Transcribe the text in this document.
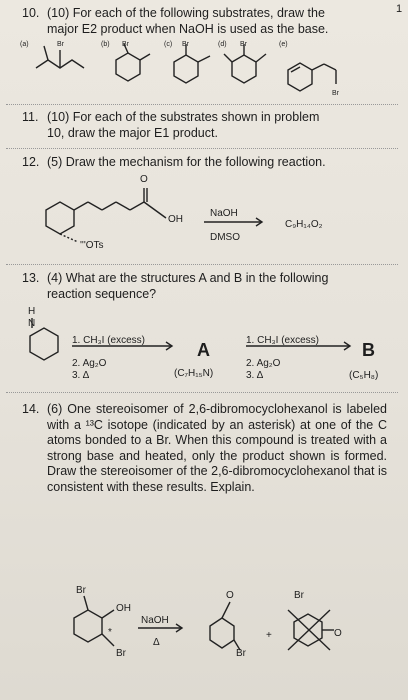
1
10. (10) For each of the following substrates, draw the
major E2 product when NaOH is used as the base.
(a)	Br	(b) Br	(c) Br	(d) Br	(e)
Br
11. (10) For each of the substrates shown in problem
10, draw the major E1 product.
12. (5) Draw the mechanism for the following reaction.
O
OH
'''OTs
NaOH
DMSO
C₉H₁₄O₂
13. (4) What are the structures A and B in the following
reaction sequence?
H
N
1. CH₃I (excess)
2. Ag₂O
3. Δ
A
(C₇H₁₅N)
1. CH₃I (excess)
2. Ag₂O
3. Δ
B
(C₅H₈)
14. (6) One stereoisomer of 2,6-dibromocyclohexanol is labeled with a ¹³C isotope (indicated by an asterisk) at one of the C atoms bonded to a Br. When this compound is treated with a strong base and heated, only the product shown is formed. Draw the stereoisomer of the 2,6-dibromocyclohexanol that is consistent with these results. Explain.
Br
OH
Br
NaOH
Δ
O
Br
+
Br
O
*
